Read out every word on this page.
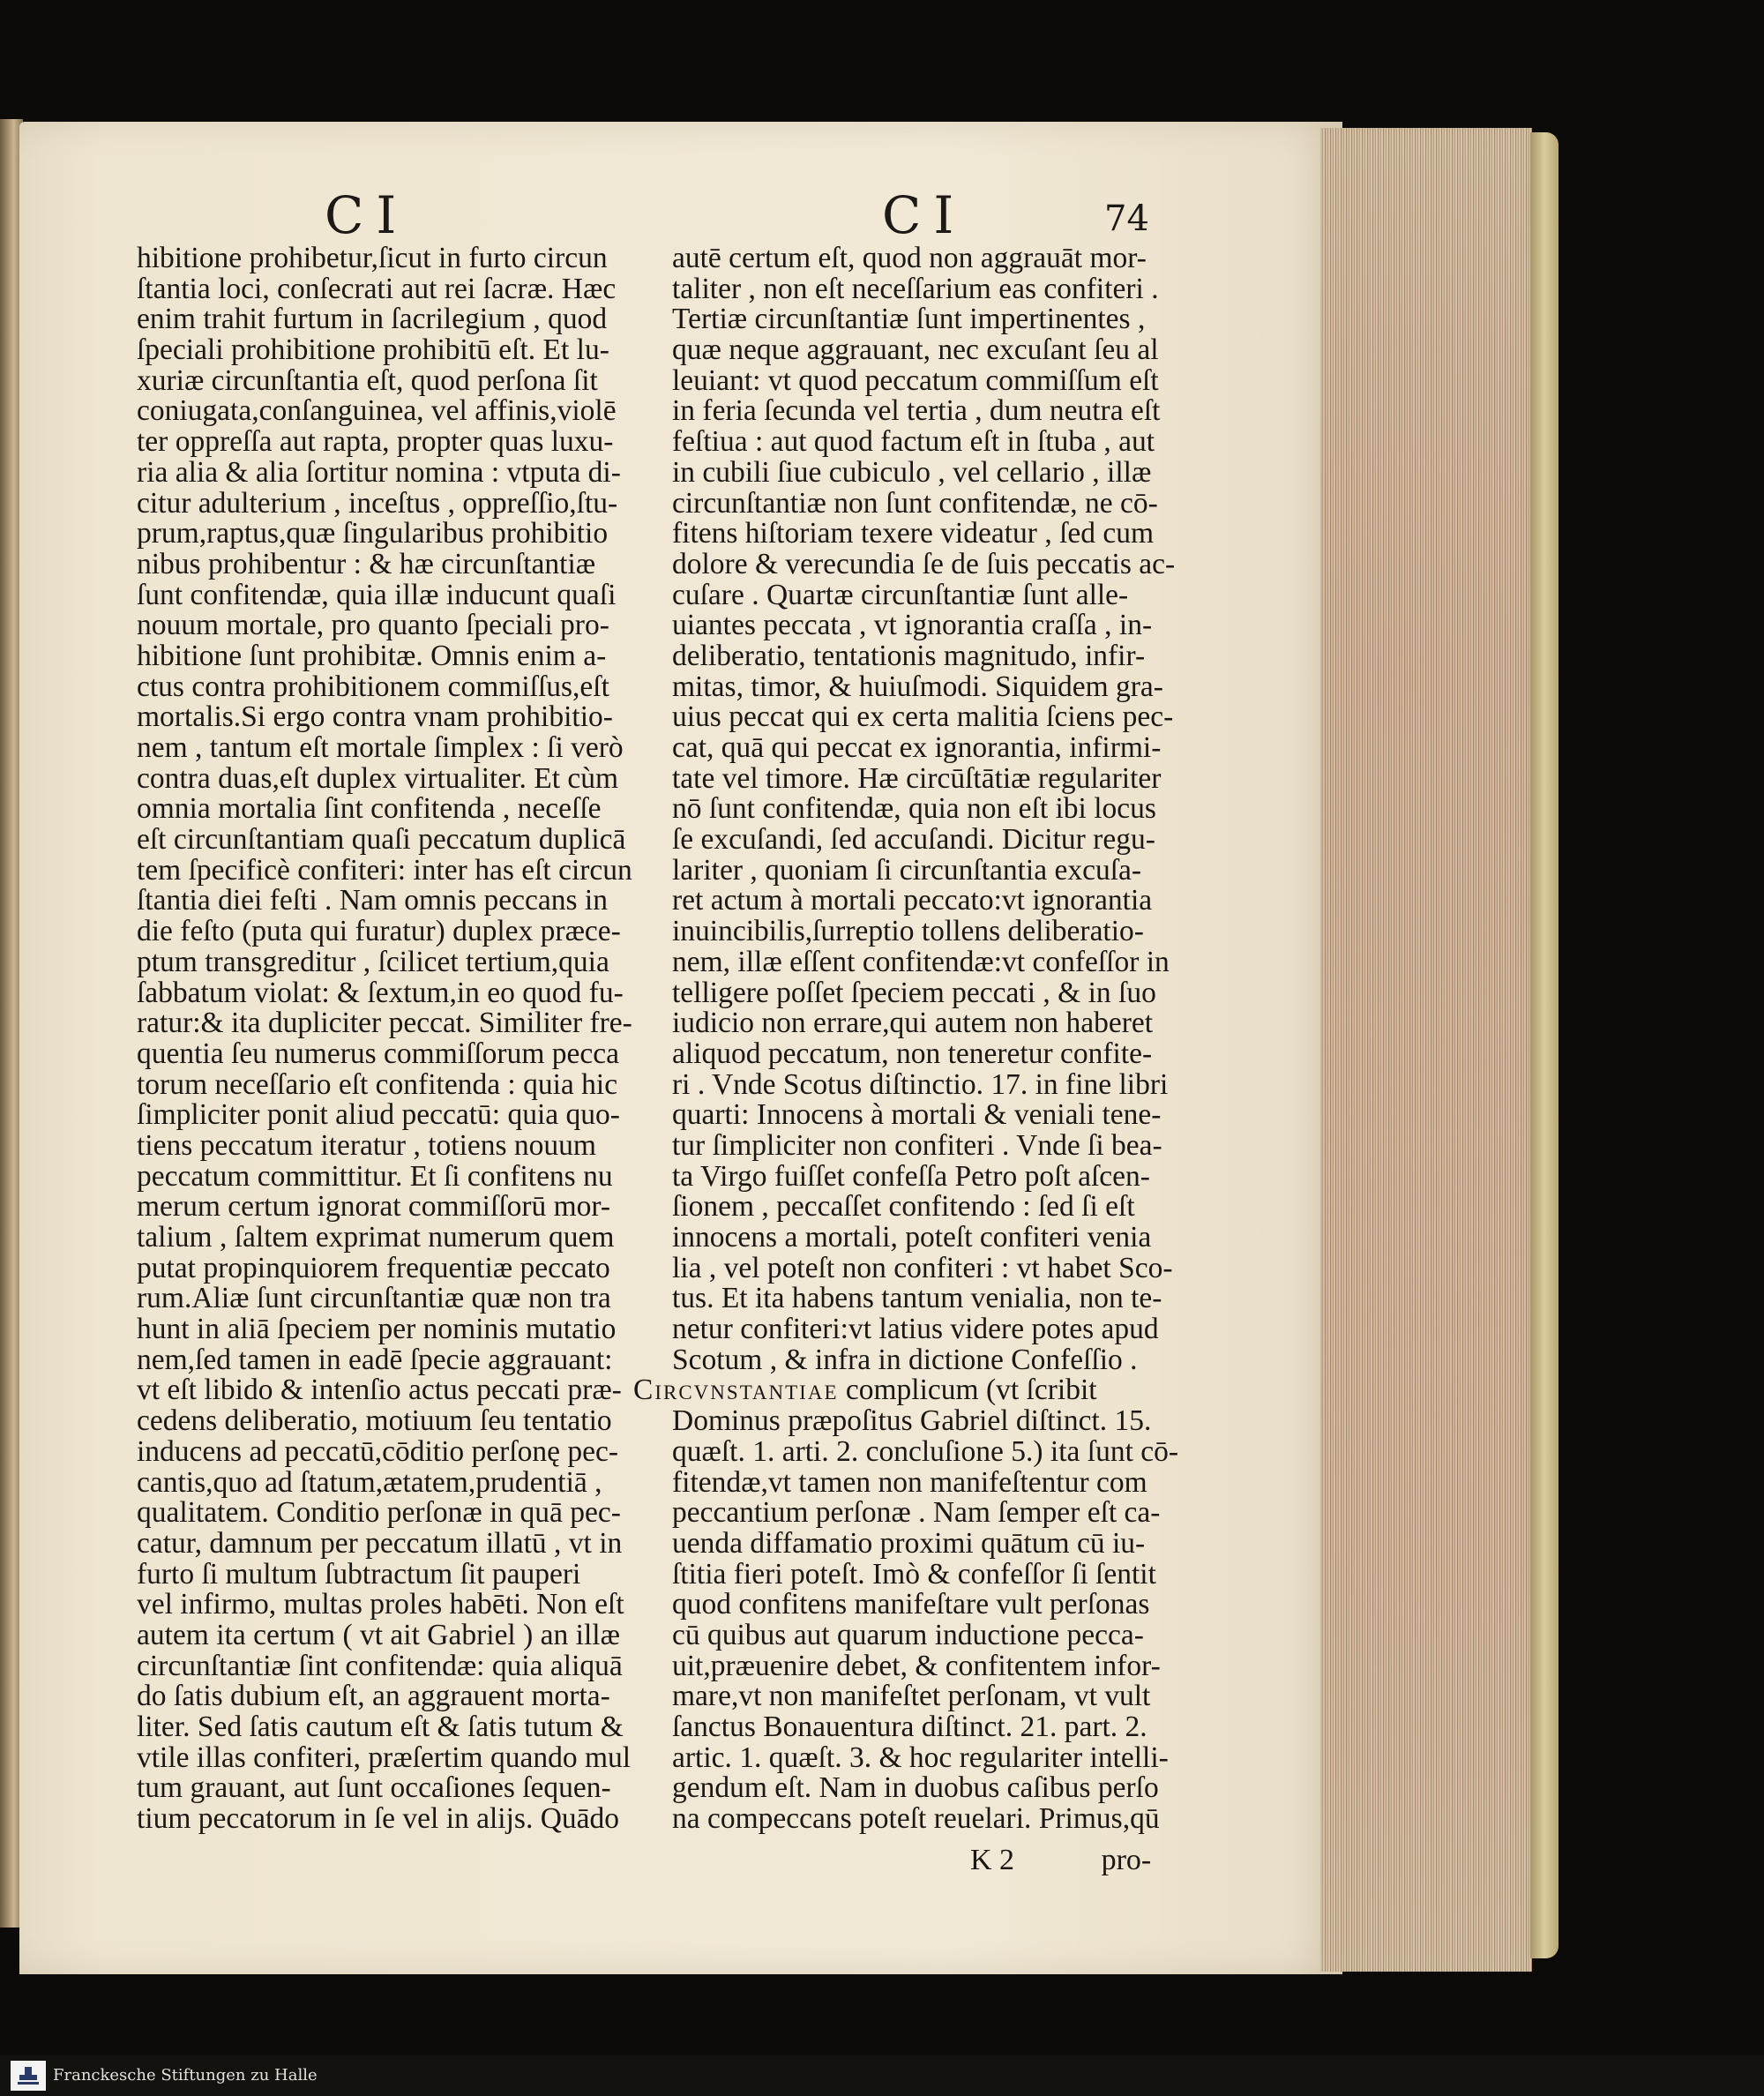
CI	CI	74
hibitione prohibetur,ſicut in furto circun
ſtantia loci, conſecrati aut rei ſacræ. Hæc
enim trahit furtum in ſacrilegium , quod
ſpeciali prohibitione prohibitū eſt. Et lu-
xuriæ circunſtantia eſt, quod perſona ſit
coniugata,conſanguinea, vel affinis,violē
ter oppreſſa aut rapta, propter quas luxu-
ria alia & alia ſortitur nomina : vtputa di-
citur adulterium , inceſtus , oppreſſio,ſtu-
prum,raptus,quæ ſingularibus prohibitio
nibus prohibentur : & hæ circunſtantiæ
ſunt confitendæ, quia illæ inducunt quaſi
nouum mortale, pro quanto ſpeciali pro-
hibitione ſunt prohibitæ. Omnis enim a-
ctus contra prohibitionem commiſſus,eſt
mortalis.Si ergo contra vnam prohibitio-
nem , tantum eſt mortale ſimplex : ſi verò
contra duas,eſt duplex virtualiter. Et cùm
omnia mortalia ſint confitenda , neceſſe
eſt circunſtantiam quaſi peccatum duplicā
tem ſpecificè confiteri: inter has eſt circun
ſtantia diei feſti . Nam omnis peccans in
die feſto (puta qui furatur) duplex præce-
ptum transgreditur , ſcilicet tertium,quia
ſabbatum violat: & ſextum,in eo quod fu-
ratur:& ita dupliciter peccat. Similiter fre-
quentia ſeu numerus commiſſorum pecca
torum neceſſario eſt confitenda : quia hic
ſimpliciter ponit aliud peccatū: quia quo-
tiens peccatum iteratur , totiens nouum
peccatum committitur. Et ſi confitens nu
merum certum ignorat commiſſorū mor-
talium , ſaltem exprimat numerum quem
putat propinquiorem frequentiæ peccato
rum.Aliæ ſunt circunſtantiæ quæ non tra
hunt in aliā ſpeciem per nominis mutatio
nem,ſed tamen in eadē ſpecie aggrauant:
vt eſt libido & intenſio actus peccati præ-
cedens deliberatio, motiuum ſeu tentatio
inducens ad peccatū,cōditio perſonę pec-
cantis,quo ad ſtatum,ætatem,prudentiā ,
qualitatem. Conditio perſonæ in quā pec-
catur, damnum per peccatum illatū , vt in
furto ſi multum ſubtractum ſit pauperi
vel infirmo, multas proles habēti. Non eſt
autem ita certum ( vt ait Gabriel ) an illæ
circunſtantiæ ſint confitendæ: quia aliquā
do ſatis dubium eſt, an aggrauent morta-
liter. Sed ſatis cautum eſt & ſatis tutum &
vtile illas confiteri, præſertim quando mul
tum grauant, aut ſunt occaſiones ſequen-
tium peccatorum in ſe vel in alijs. Quādo
autē certum eſt, quod non aggrauāt mor-
taliter , non eſt neceſſarium eas confiteri .
Tertiæ circunſtantiæ ſunt impertinentes ,
quæ neque aggrauant, nec excuſant ſeu al
leuiant: vt quod peccatum commiſſum eſt
in feria ſecunda vel tertia , dum neutra eſt
feſtiua : aut quod factum eſt in ſtuba , aut
in cubili ſiue cubiculo , vel cellario , illæ
circunſtantiæ non ſunt confitendæ, ne cō-
fitens hiſtoriam texere videatur , ſed cum
dolore & verecundia ſe de ſuis peccatis ac-
cuſare . Quartæ circunſtantiæ ſunt alle-
uiantes peccata , vt ignorantia craſſa , in-
deliberatio, tentationis magnitudo, infir-
mitas, timor, & huiuſmodi. Siquidem gra-
uius peccat qui ex certa malitia ſciens pec-
cat, quā qui peccat ex ignorantia, infirmi-
tate vel timore. Hæ circūſtātiæ regulariter
nō ſunt confitendæ, quia non eſt ibi locus
ſe excuſandi, ſed accuſandi. Dicitur regu-
lariter , quoniam ſi circunſtantia excuſa-
ret actum à mortali peccato:vt ignorantia
inuincibilis,ſurreptio tollens deliberatio-
nem, illæ eſſent confitendæ:vt confeſſor in
telligere poſſet ſpeciem peccati , & in ſuo
iudicio non errare,qui autem non haberet
aliquod peccatum, non teneretur confite-
ri . Vnde Scotus diſtinctio. 17. in fine libri
quarti: Innocens à mortali & veniali tene-
tur ſimpliciter non confiteri . Vnde ſi bea-
ta Virgo fuiſſet confeſſa Petro poſt aſcen-
ſionem , peccaſſet confitendo : ſed ſi eſt
innocens a mortali, poteſt confiteri venia
lia , vel poteſt non confiteri : vt habet Sco-
tus. Et ita habens tantum venialia, non te-
netur confiteri:vt latius videre potes apud
Scotum , & infra in dictione Confeſſio .
Circvnstantiae complicum (vt ſcribit
Dominus præpoſitus Gabriel diſtinct. 15.
quæſt. 1. arti. 2. concluſione 5.) ita ſunt cō-
fitendæ,vt tamen non manifeſtentur com
peccantium perſonæ . Nam ſemper eſt ca-
uenda diffamatio proximi quātum cū iu-
ſtitia fieri poteſt. Imò & confeſſor ſi ſentit
quod confitens manifeſtare vult perſonas
cū quibus aut quarum inductione pecca-
uit,præuenire debet, & confitentem infor-
mare,vt non manifeſtet perſonam, vt vult
ſanctus Bonauentura diſtinct. 21. part. 2.
artic. 1. quæſt. 3. & hoc regulariter intelli-
gendum eſt. Nam in duobus caſibus perſo
na compeccans poteſt reuelari. Primus,qū
K 2	pro-
Franckesche Stiftungen zu Halle
